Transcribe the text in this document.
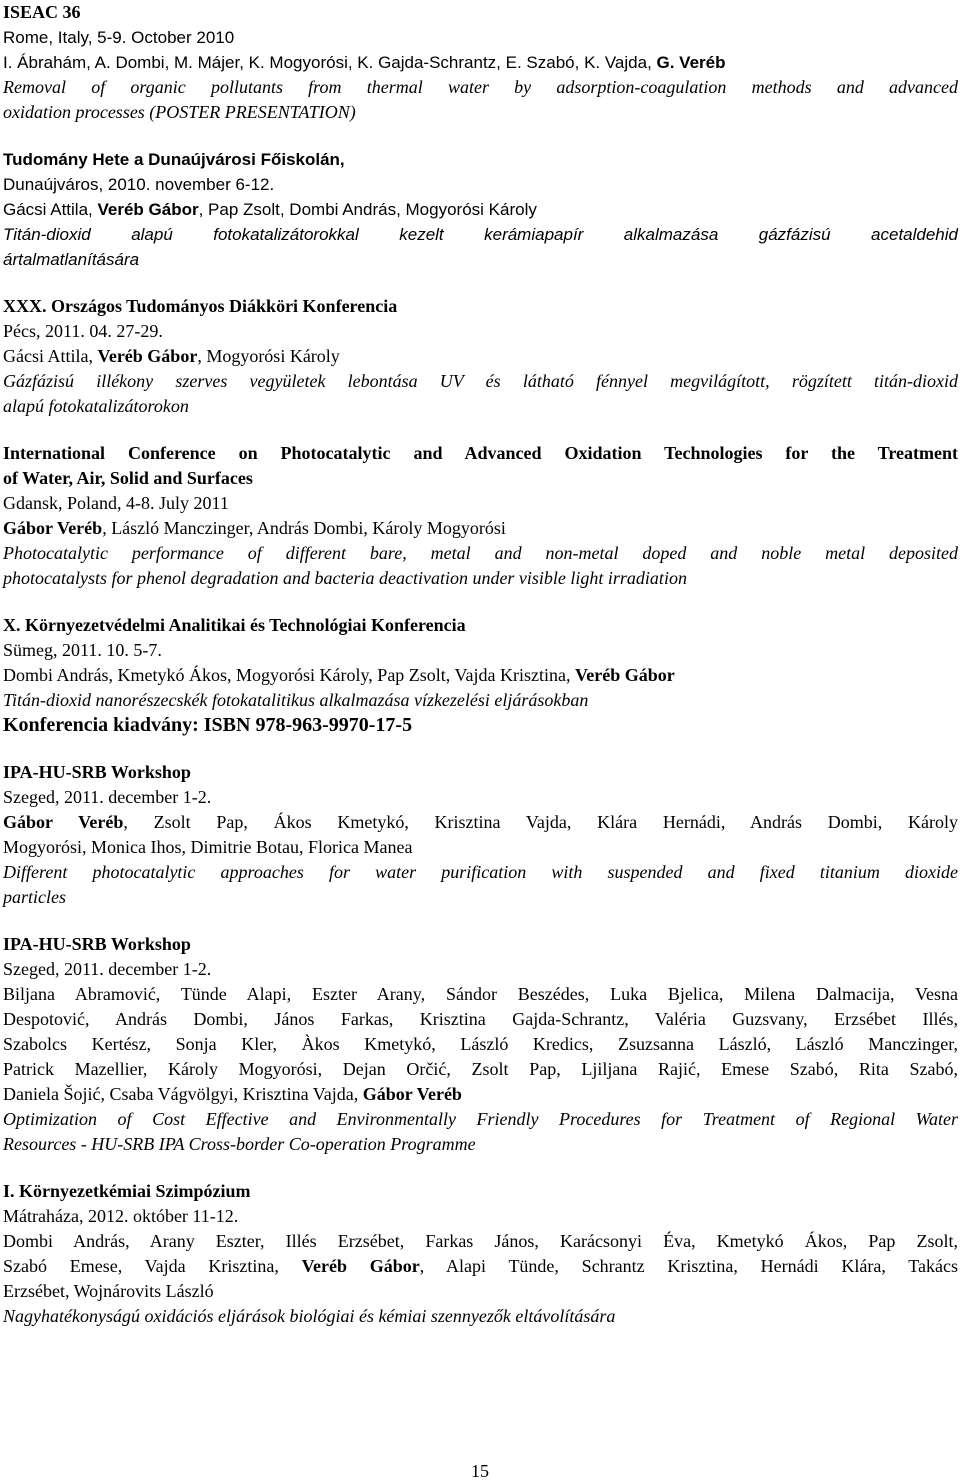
ISEAC 36
Rome, Italy, 5-9. October 2010
I. Ábrahám, A. Dombi, M. Májer, K. Mogyorósi, K. Gajda-Schrantz, E. Szabó, K. Vajda, G. Veréb
Removal of organic pollutants from thermal water by adsorption-coagulation methods and advanced
oxidation processes (POSTER PRESENTATION)
Tudomány Hete a Dunaújvárosi Főiskolán,
Dunaújváros, 2010. november 6-12.
Gácsi Attila, Veréb Gábor, Pap Zsolt, Dombi András, Mogyorósi Károly
Titán-dioxid alapú fotokatalizátorokkal kezelt kerámiapapír alkalmazása gázfázisú acetaldehid
ártalmatlanítására
XXX. Országos Tudományos Diákköri Konferencia
Pécs, 2011. 04. 27-29.
Gácsi Attila, Veréb Gábor, Mogyorósi Károly
Gázfázisú illékony szerves vegyületek lebontása UV és látható fénnyel megvilágított, rögzített titán-dioxid
alapú fotokatalizátorokon
International Conference on Photocatalytic and Advanced Oxidation Technologies for the Treatment
of Water, Air, Solid and Surfaces
Gdansk, Poland, 4-8. July 2011
Gábor Veréb, László Manczinger, András Dombi, Károly Mogyorósi
Photocatalytic performance of different bare, metal and non-metal doped and noble metal deposited
photocatalysts for phenol degradation and bacteria deactivation under visible light irradiation
X. Környezetvédelmi Analitikai és Technológiai Konferencia
Sümeg, 2011. 10. 5-7.
Dombi András, Kmetykó Ákos, Mogyorósi Károly, Pap Zsolt, Vajda Krisztina, Veréb Gábor
Titán-dioxid nanorészecskék fotokatalitikus alkalmazása vízkezelési eljárásokban
Konferencia kiadvány: ISBN 978-963-9970-17-5
IPA-HU-SRB Workshop
Szeged, 2011. december 1-2.
Gábor Veréb, Zsolt Pap, Ákos Kmetykó, Krisztina Vajda, Klára Hernádi, András Dombi, Károly
Mogyorósi, Monica Ihos, Dimitrie Botau, Florica Manea
Different photocatalytic approaches for water purification with suspended and fixed titanium dioxide
particles
IPA-HU-SRB Workshop
Szeged, 2011. december 1-2.
Biljana Abramović, Tünde Alapi, Eszter Arany, Sándor Beszédes, Luka Bjelica, Milena Dalmacija, Vesna
Despotović, András Dombi, János Farkas, Krisztina Gajda-Schrantz, Valéria Guzsvany, Erzsébet Illés,
Szabolcs Kertész, Sonja Kler, Àkos Kmetykó, László Kredics, Zsuzsanna László, László Manczinger,
Patrick Mazellier, Károly Mogyorósi, Dejan Orčić, Zsolt Pap, Ljiljana Rajić, Emese Szabó, Rita Szabó,
Daniela Šojić, Csaba Vágvölgyi, Krisztina Vajda, Gábor Veréb
Optimization of Cost Effective and Environmentally Friendly Procedures for Treatment of Regional Water
Resources - HU-SRB IPA Cross-border Co-operation Programme
I. Környezetkémiai Szimpózium
Mátraháza, 2012. október 11-12.
Dombi András, Arany Eszter, Illés Erzsébet, Farkas János, Karácsonyi Éva, Kmetykó Ákos, Pap Zsolt,
Szabó Emese, Vajda Krisztina, Veréb Gábor, Alapi Tünde, Schrantz Krisztina, Hernádi Klára, Takács
Erzsébet, Wojnárovits László
Nagyhatékonyságú oxidációs eljárások biológiai és kémiai szennyezők eltávolítására
15
